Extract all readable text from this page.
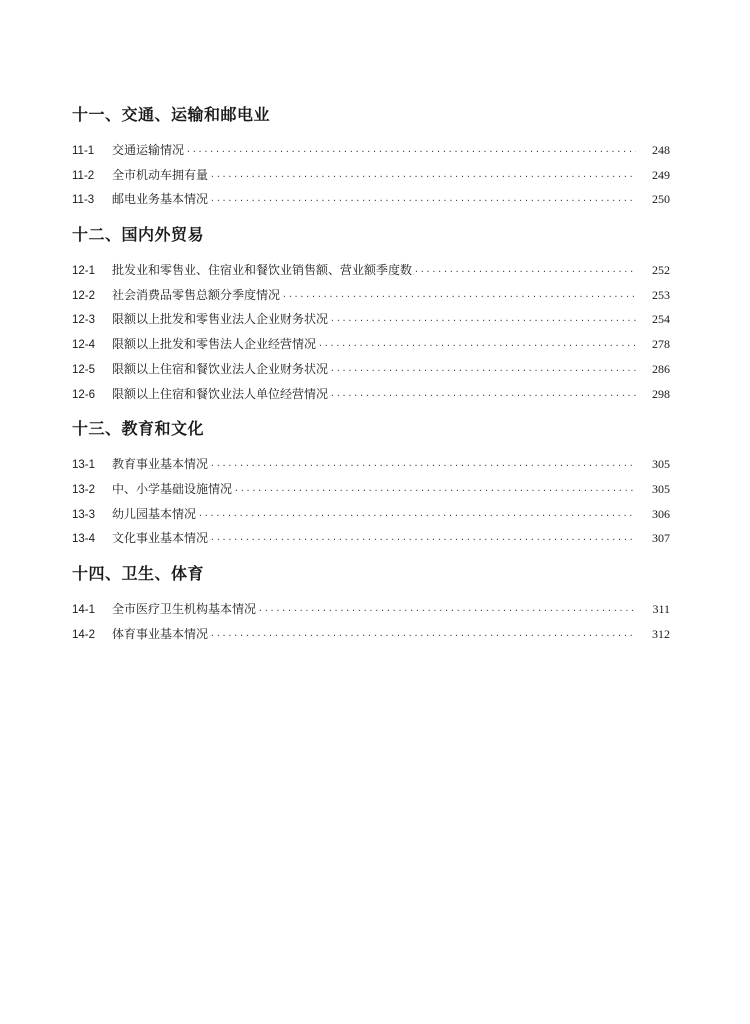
十一、交通、运输和邮电业
11-1	交通运输情况 ·····	248
11-2	全市机动车拥有量 ·····	249
11-3	邮电业务基本情况 ·····	250
十二、国内外贸易
12-1	批发业和零售业、住宿业和餐饮业销售额、营业额季度数 ·····	252
12-2	社会消费品零售总额分季度情况 ·····	253
12-3	限额以上批发和零售业法人企业财务状况 ·····	254
12-4	限额以上批发和零售法人企业经营情况 ·····	278
12-5	限额以上住宿和餐饮业法人企业财务状况 ·····	286
12-6	限额以上住宿和餐饮业法人单位经营情况 ·····	298
十三、教育和文化
13-1	教育事业基本情况 ·····	305
13-2	中、小学基础设施情况 ·····	305
13-3	幼儿园基本情况 ·····	306
13-4	文化事业基本情况 ·····	307
十四、卫生、体育
14-1	全市医疗卫生机构基本情况 ·····	311
14-2	体育事业基本情况 ·····	312
